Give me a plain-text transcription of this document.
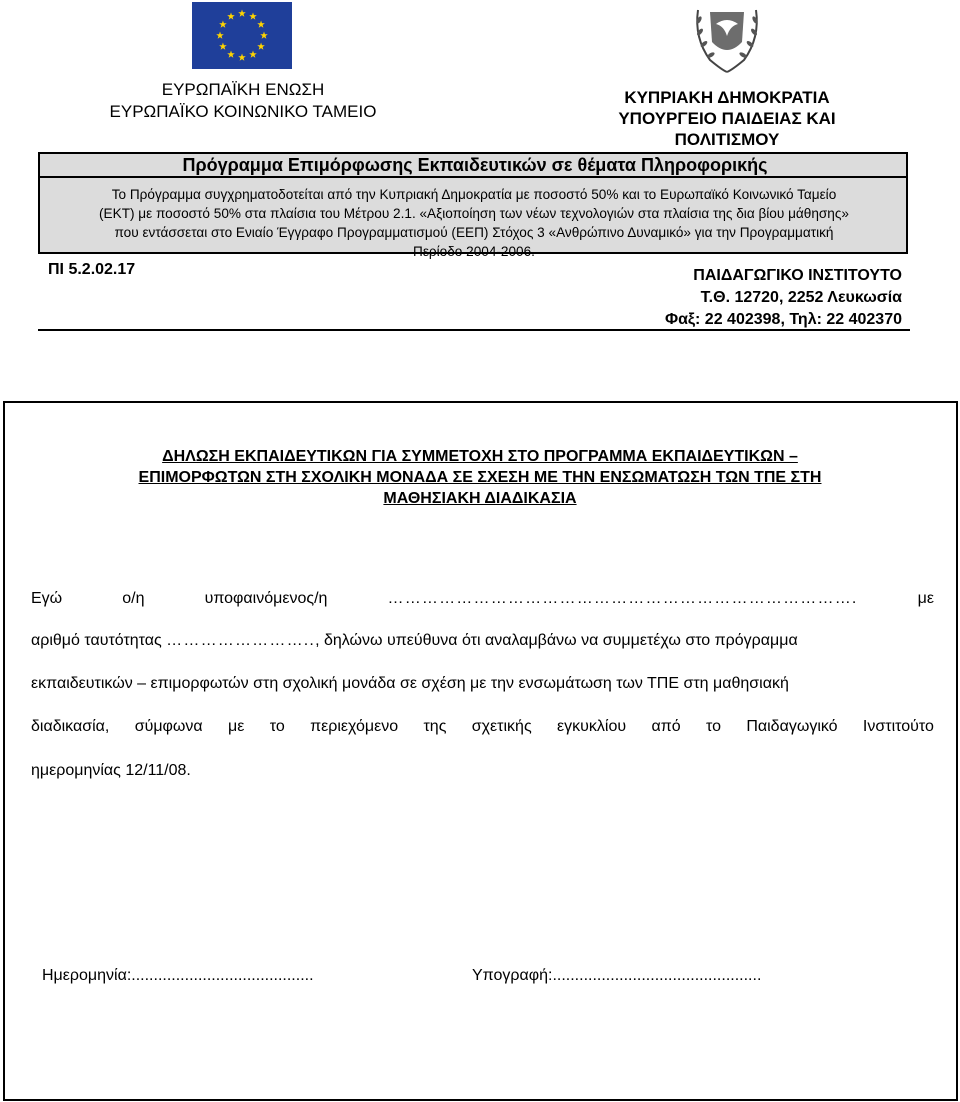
ΕΥΡΩΠΑΪΚΗ ΕΝΩΣΗ
ΕΥΡΩΠΑΪΚΟ ΚΟΙΝΩΝΙΚΟ ΤΑΜΕΙΟ
ΚΥΠΡΙΑΚΗ ΔΗΜΟΚΡΑΤΙΑ
ΥΠΟΥΡΓΕΙΟ ΠΑΙΔΕΙΑΣ ΚΑΙ
ΠΟΛΙΤΙΣΜΟΥ
Πρόγραμμα Επιμόρφωσης Εκπαιδευτικών σε θέματα Πληροφορικής
Το Πρόγραμμα συγχρηματοδοτείται από την Κυπριακή Δημοκρατία με ποσοστό 50% και το Ευρωπαϊκό Κοινωνικό Ταμείο
(ΕΚΤ) με ποσοστό 50% στα πλαίσια του Μέτρου 2.1. «Αξιοποίηση των νέων τεχνολογιών στα πλαίσια της δια βίου μάθησης»
που εντάσσεται στο Ενιαίο Έγγραφο Προγραμματισμού (ΕΕΠ) Στόχος 3 «Ανθρώπινο Δυναμικό» για την Προγραμματική
Περίοδο 2004-2006.
ΠΙ 5.2.02.17	ΠΑΙΔΑΓΩΓΙΚΟ ΙΝΣΤΙΤΟΥΤΟ
Τ.Θ. 12720, 2252 Λευκωσία
Φαξ: 22 402398, Τηλ: 22 402370
ΔΗΛΩΣΗ ΕΚΠΑΙΔΕΥΤΙΚΩΝ ΓΙΑ ΣΥΜΜΕΤΟΧΗ ΣΤΟ ΠΡΟΓΡΑΜΜΑ ΕΚΠΑΙΔΕΥΤΙΚΩΝ –
ΕΠΙΜΟΡΦΩΤΩΝ ΣΤΗ ΣΧΟΛΙΚΗ ΜΟΝΑΔΑ ΣΕ ΣΧΕΣΗ ΜΕ ΤΗΝ ΕΝΣΩΜΑΤΩΣΗ ΤΩΝ ΤΠΕ ΣΤΗ
ΜΑΘΗΣΙΑΚΗ ΔΙΑΔΙΚΑΣΙΑ
Εγώ	ο/η	υποφαινόμενος/η	……………………………………………………………………….	με
αριθμό ταυτότητας …………………….., δηλώνω υπεύθυνα ότι αναλαμβάνω να συμμετέχω στο πρόγραμμα
εκπαιδευτικών – επιμορφωτών στη σχολική μονάδα σε σχέση με την ενσωμάτωση των ΤΠΕ στη μαθησιακή
διαδικασία, σύμφωνα με το περιεχόμενο της σχετικής εγκυκλίου από το Παιδαγωγικό Ινστιτούτο
ημερομηνίας 12/11/08.
Ημερομηνία:.........................................	Υπογραφή:...............................................
